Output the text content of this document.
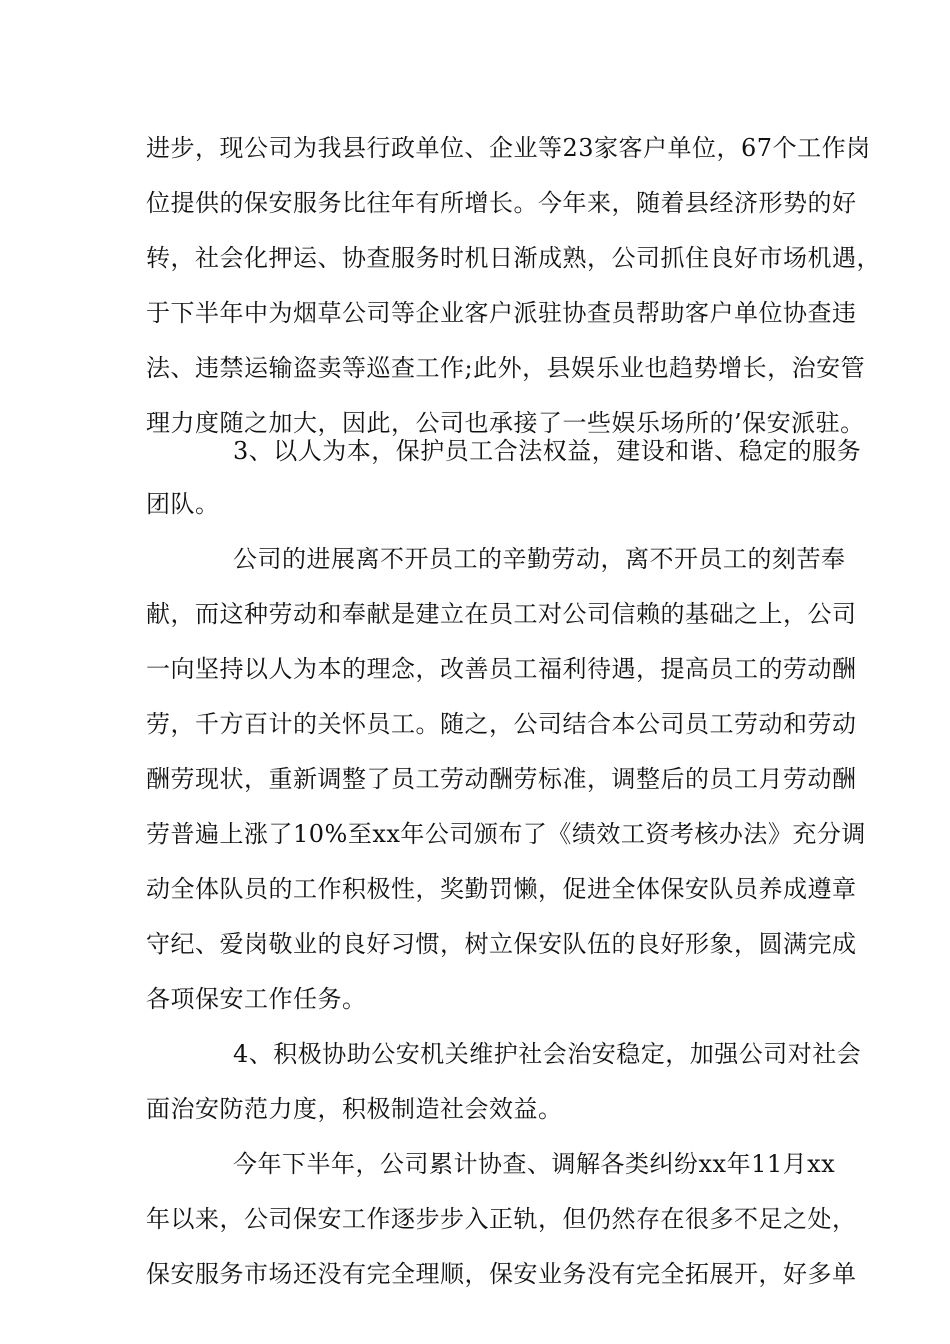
进步，现公司为我县行政单位、企业等23家客户单位，67个工作岗
位提供的保安服务比往年有所增长。今年来，随着县经济形势的好
转，社会化押运、协查服务时机日渐成熟，公司抓住良好市场机遇，
于下半年中为烟草公司等企业客户派驻协查员帮助客户单位协查违
法、违禁运输盗卖等巡查工作;此外，县娱乐业也趋势增长，治安管
理力度随之加大，因此，公司也承接了一些娱乐场所的’保安派驻。
3、以人为本，保护员工合法权益，建设和谐、稳定的服务
团队。
公司的进展离不开员工的辛勤劳动，离不开员工的刻苦奉
献，而这种劳动和奉献是建立在员工对公司信赖的基础之上，公司
一向坚持以人为本的理念，改善员工福利待遇，提高员工的劳动酬
劳，千方百计的关怀员工。随之，公司结合本公司员工劳动和劳动
酬劳现状，重新调整了员工劳动酬劳标准，调整后的员工月劳动酬
劳普遍上涨了10%至xx年公司颁布了《绩效工资考核办法》充分调
动全体队员的工作积极性，奖勤罚懒，促进全体保安队员养成遵章
守纪、爱岗敬业的良好习惯，树立保安队伍的良好形象，圆满完成
各项保安工作任务。
4、积极协助公安机关维护社会治安稳定，加强公司对社会
面治安防范力度，积极制造社会效益。
今年下半年，公司累计协查、调解各类纠纷xx年11月xx
年以来，公司保安工作逐步步入正轨，但仍然存在很多不足之处，
保安服务市场还没有完全理顺，保安业务没有完全拓展开，好多单
